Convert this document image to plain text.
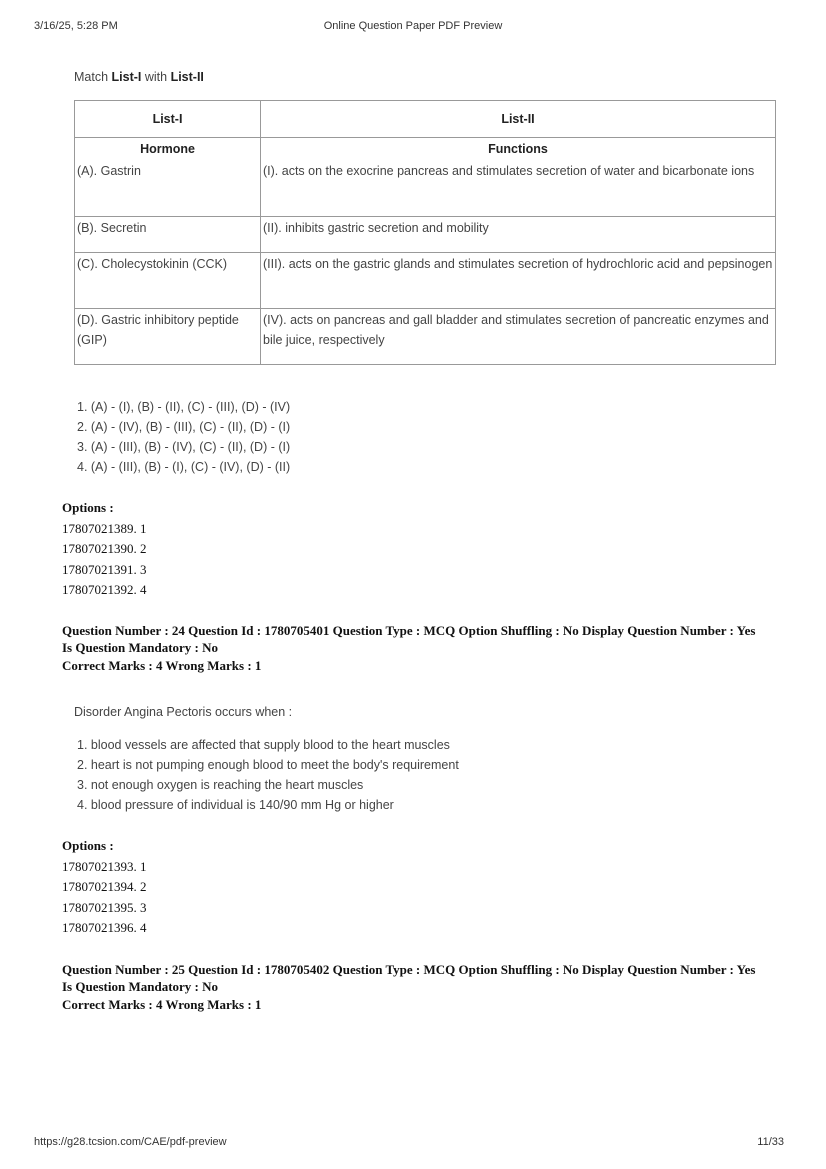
3/16/25, 5:28 PM	Online Question Paper PDF Preview
Match List-I with List-II
List-I	List-II
Hormone	Functions
(A). Gastrin	(I). acts on the exocrine pancreas and stimulates secretion of water and bicarbonate ions
(B). Secretin	(II). inhibits gastric secretion and mobility
(C). Cholecystokinin (CCK)	(III). acts on the gastric glands and stimulates secretion of hydrochloric acid and pepsinogen
(D). Gastric inhibitory peptide (GIP)	(IV). acts on pancreas and gall bladder and stimulates secretion of pancreatic enzymes and bile juice, respectively
1. (A) - (I), (B) - (II), (C) - (III), (D) - (IV)
2. (A) - (IV), (B) - (III), (C) - (II), (D) - (I)
3. (A) - (III), (B) - (IV), (C) - (II), (D) - (I)
4. (A) - (III), (B) - (I), (C) - (IV), (D) - (II)
Options :
17807021389. 1
17807021390. 2
17807021391. 3
17807021392. 4
Question Number : 24 Question Id : 1780705401 Question Type : MCQ Option Shuffling : No Display Question Number : Yes
Is Question Mandatory : No
Correct Marks : 4 Wrong Marks : 1
Disorder Angina Pectoris occurs when :
1. blood vessels are affected that supply blood to the heart muscles
2. heart is not pumping enough blood to meet the body's requirement
3. not enough oxygen is reaching the heart muscles
4. blood pressure of individual is 140/90 mm Hg or higher
Options :
17807021393. 1
17807021394. 2
17807021395. 3
17807021396. 4
Question Number : 25 Question Id : 1780705402 Question Type : MCQ Option Shuffling : No Display Question Number : Yes
Is Question Mandatory : No
Correct Marks : 4 Wrong Marks : 1
https://g28.tcsion.com/CAE/pdf-preview	11/33
